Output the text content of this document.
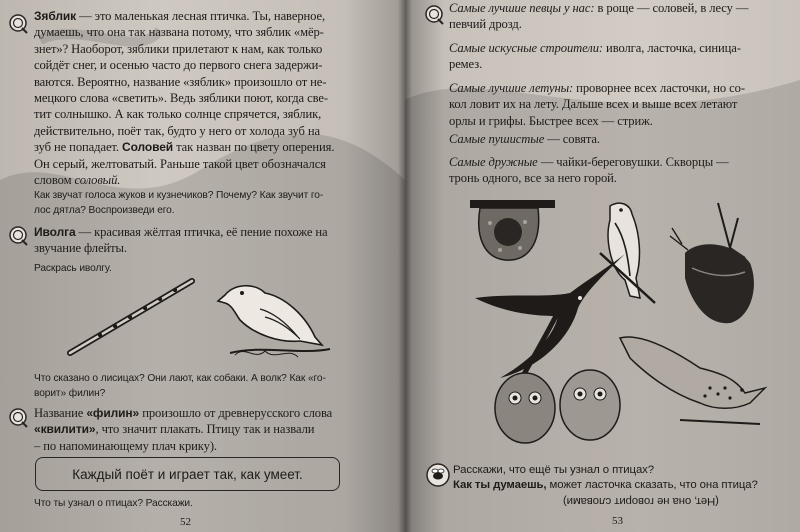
Зяблик — это маленькая лесная птичка. Ты, наверное,
думаешь, что она так названа потому, что зяблик «мёр-
знет»? Наоборот, зяблики прилетают к нам, как только
сойдёт снег, и осенью часто до первого снега задержи-
ваются. Вероятно, название «зяблик» произошло от не-
мецкого слова «светить». Ведь зяблики поют, когда све-
тит солнышко. А как только солнце спрячется, зяблик,
действительно, поёт так, будто у него от холода зуб на
зуб не попадает. Соловей так назван по цвету оперения.
Он серый, желтоватый. Раньше такой цвет обозначался
словом соловый.
Как звучат голоса жуков и кузнечиков? Почему? Как звучит го-
лос дятла? Воспроизведи его.
Иволга — красивая жёлтая птичка, её пение похоже на
звучание флейты.
Раскрась иволгу.
Что сказано о лисицах? Они лают, как собаки. А волк? Как «го-
ворит» филин?
Название «филин» произошло от древнерусского слова
«квилити», что значит плакать. Птицу так и назвали
– по напоминающему плач крику).
Каждый поёт и играет так, как умеет.
Что ты узнал о птицах? Расскажи.
52
Самые лучшие певцы у нас: в роще — соловей, в лесу —
певчий дрозд.
Самые искусные строители: иволга, ласточка, синица-
ремез.
Самые лучшие летуны: проворнее всех ласточки, но со-
кол ловит их на лету. Дальше всех и выше всех летают
орлы и грифы. Быстрее всех — стриж.
Самые пушистые — совята.
Самые дружные — чайки-береговушки. Скворцы —
тронь одного, все за него горой.
Расскажи, что ещё ты узнал о птицах?
Как ты думаешь, может ласточка сказать, что она птица?
(Нет, она не говорит словами)
53
